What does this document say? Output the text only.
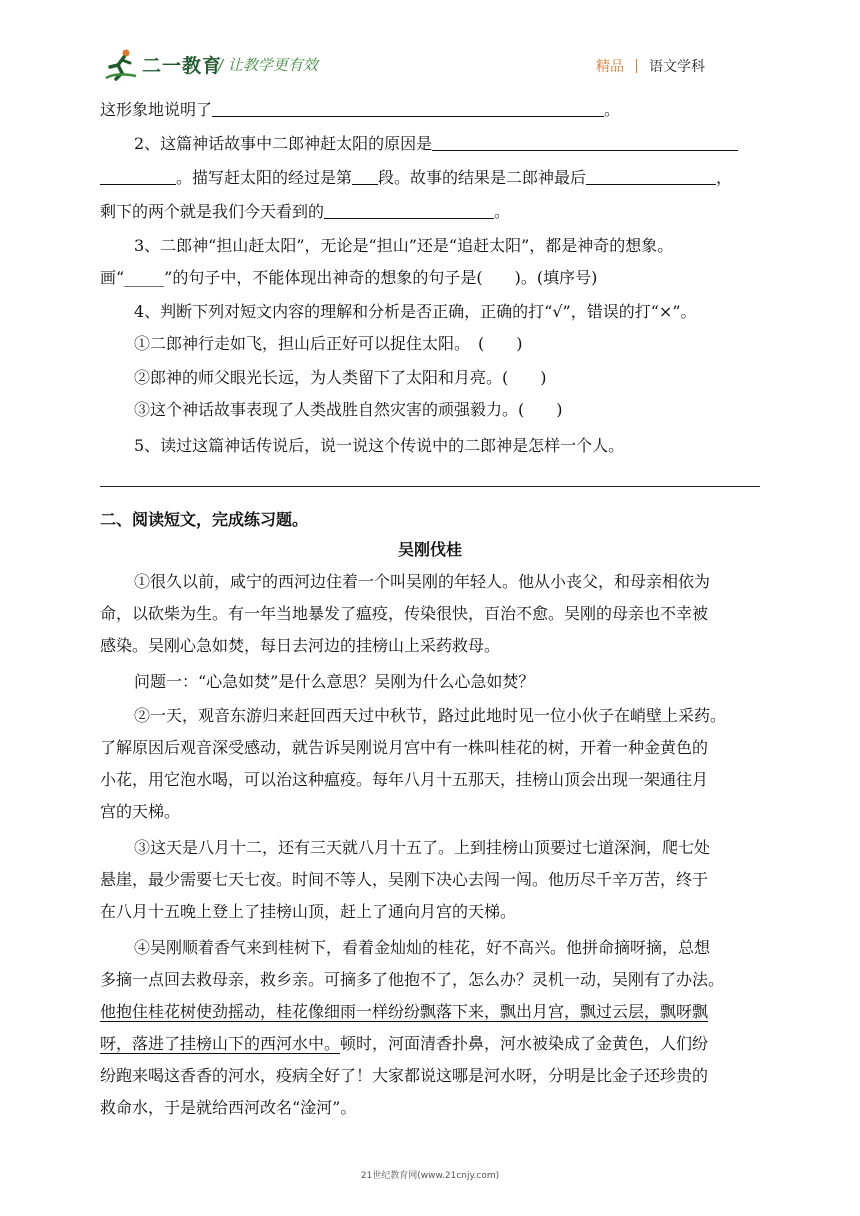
二一教育
/ 让教学更有效	精品 语文学科
这形象地说明了	。
2、这篇神话故事中二郎神赶太阳的原因是
。描写赶太阳的经过是第 段。故事的结果是二郎神最后	，
剩下的两个就是我们今天看到的	。
3、二郎神“担山赶太阳”，无论是“担山”还是“追赶太阳”，都是神奇的想象。
画“_____”的句子中，不能体现出神奇的想象的句子是(　　)。(填序号)
4、判断下列对短文内容的理解和分析是否正确，正确的打“√”，错误的打“×”。
①二郎神行走如飞，担山后正好可以捉住太阳。　(　　)
②郎神的师父眼光长远，为人类留下了太阳和月亮。(　　)
③这个神话故事表现了人类战胜自然灾害的顽强毅力。(　　)
5、读过这篇神话传说后，说一说这个传说中的二郎神是怎样一个人。
二、阅读短文，完成练习题。
吴刚伐桂
①很久以前，咸宁的西河边住着一个叫吴刚的年轻人。他从小丧父，和母亲相依为
命，以砍柴为生。有一年当地暴发了瘟疫，传染很快，百治不愈。吴刚的母亲也不幸被
感染。吴刚心急如焚，每日去河边的挂榜山上采药救母。
问题一：“心急如焚”是什么意思？吴刚为什么心急如焚？
②一天，观音东游归来赶回西天过中秋节，路过此地时见一位小伙子在峭壁上采药。
了解原因后观音深受感动，就告诉吴刚说月宫中有一株叫桂花的树，开着一种金黄色的
小花，用它泡水喝，可以治这种瘟疫。每年八月十五那天，挂榜山顶会出现一架通往月
宫的天梯。
③这天是八月十二，还有三天就八月十五了。上到挂榜山顶要过七道深涧，爬七处
悬崖，最少需要七天七夜。时间不等人，吴刚下决心去闯一闯。他历尽千辛万苦，终于
在八月十五晚上登上了挂榜山顶，赶上了通向月宫的天梯。
④吴刚顺着香气来到桂树下，看着金灿灿的桂花，好不高兴。他拼命摘呀摘，总想
多摘一点回去救母亲，救乡亲。可摘多了他抱不了，怎么办？灵机一动，吴刚有了办法。
他抱住桂花树使劲摇动，桂花像细雨一样纷纷飘落下来，飘出月宫，飘过云层，飘呀飘
呀，落进了挂榜山下的西河水中。顿时，河面清香扑鼻，河水被染成了金黄色，人们纷
纷跑来喝这香香的河水，疫病全好了！大家都说这哪是河水呀，分明是比金子还珍贵的
救命水，于是就给西河改名“淦河”。
21世纪教育网(www.21cnjy.com)
